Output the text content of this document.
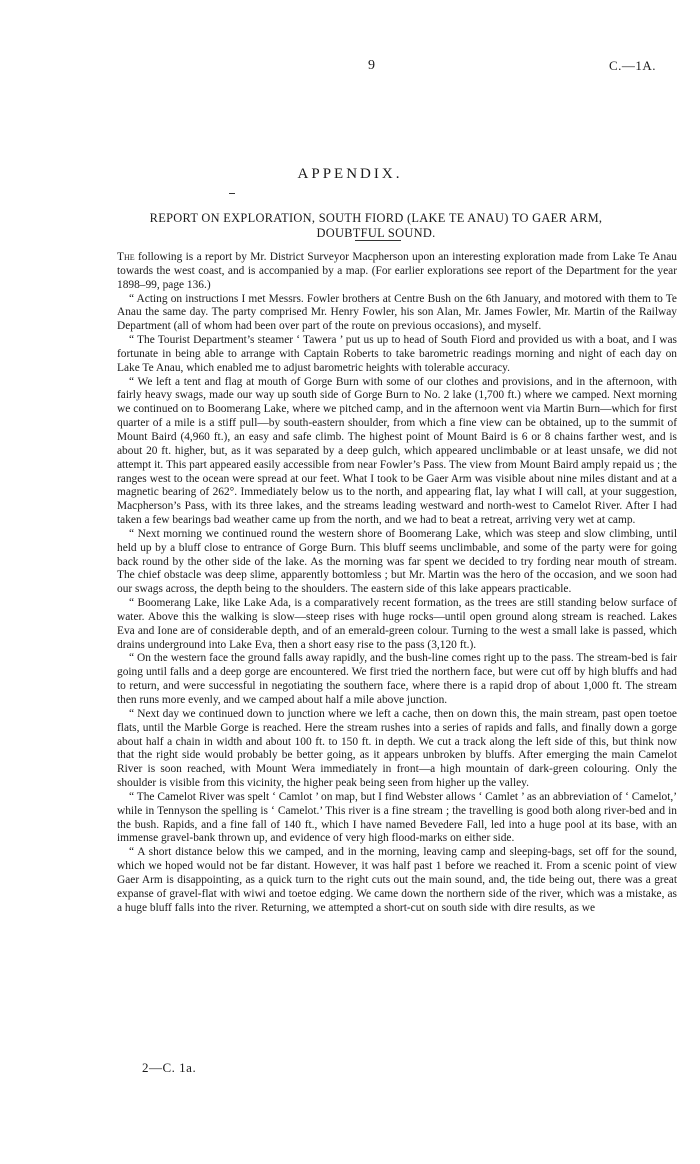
9	C.—1A.
APPENDIX.
REPORT ON EXPLORATION, SOUTH FIORD (LAKE TE ANAU) TO GAER ARM,
DOUBTFUL SOUND.

The following is a report by Mr. District Surveyor Macpherson upon an interesting exploration made from Lake Te Anau towards the west coast, and is accompanied by a map. (For earlier explorations see report of the Department for the year 1898–99, page 136.)

“ Acting on instructions I met Messrs. Fowler brothers at Centre Bush on the 6th January, and motored with them to Te Anau the same day. The party comprised Mr. Henry Fowler, his son Alan, Mr. James Fowler, Mr. Martin of the Railway Department (all of whom had been over part of the route on previous occasions), and myself.

“ The Tourist Department’s steamer ‘ Tawera ’ put us up to head of South Fiord and provided us with a boat, and I was fortunate in being able to arrange with Captain Roberts to take barometric readings morning and night of each day on Lake Te Anau, which enabled me to adjust barometric heights with tolerable accuracy.

“ We left a tent and flag at mouth of Gorge Burn with some of our clothes and provisions, and in the afternoon, with fairly heavy swags, made our way up south side of Gorge Burn to No. 2 lake (1,700 ft.) where we camped. Next morning we continued on to Boomerang Lake, where we pitched camp, and in the afternoon went via Martin Burn—which for first quarter of a mile is a stiff pull—by south-eastern shoulder, from which a fine view can be obtained, up to the summit of Mount Baird (4,960 ft.), an easy and safe climb. The highest point of Mount Baird is 6 or 8 chains farther west, and is about 20 ft. higher, but, as it was separated by a deep gulch, which appeared unclimbable or at least unsafe, we did not attempt it. This part appeared easily accessible from near Fowler’s Pass. The view from Mount Baird amply repaid us ; the ranges west to the ocean were spread at our feet. What I took to be Gaer Arm was visible about nine miles distant and at a magnetic bearing of 262°. Immediately below us to the north, and appearing flat, lay what I will call, at your suggestion, Macpherson’s Pass, with its three lakes, and the streams leading westward and north-west to Camelot River. After I had taken a few bearings bad weather came up from the north, and we had to beat a retreat, arriving very wet at camp.

“ Next morning we continued round the western shore of Boomerang Lake, which was steep and slow climbing, until held up by a bluff close to entrance of Gorge Burn. This bluff seems unclimbable, and some of the party were for going back round by the other side of the lake. As the morning was far spent we decided to try fording near mouth of stream. The chief obstacle was deep slime, apparently bottomless ; but Mr. Martin was the hero of the occasion, and we soon had our swags across, the depth being to the shoulders. The eastern side of this lake appears practicable.

“ Boomerang Lake, like Lake Ada, is a comparatively recent formation, as the trees are still standing below surface of water. Above this the walking is slow—steep rises with huge rocks—until open ground along stream is reached. Lakes Eva and Ione are of considerable depth, and of an emerald-green colour. Turning to the west a small lake is passed, which drains underground into Lake Eva, then a short easy rise to the pass (3,120 ft.).

“ On the western face the ground falls away rapidly, and the bush-line comes right up to the pass. The stream-bed is fair going until falls and a deep gorge are encountered. We first tried the northern face, but were cut off by high bluffs and had to return, and were successful in negotiating the southern face, where there is a rapid drop of about 1,000 ft. The stream then runs more evenly, and we camped about half a mile above junction.

“ Next day we continued down to junction where we left a cache, then on down this, the main stream, past open toetoe flats, until the Marble Gorge is reached. Here the stream rushes into a series of rapids and falls, and finally down a gorge about half a chain in width and about 100 ft. to 150 ft. in depth. We cut a track along the left side of this, but think now that the right side would probably be better going, as it appears unbroken by bluffs. After emerging the main Camelot River is soon reached, with Mount Wera immediately in front—a high mountain of dark-green colouring. Only the shoulder is visible from this vicinity, the higher peak being seen from higher up the valley.

“ The Camelot River was spelt ‘ Camlot ’ on map, but I find Webster allows ‘ Camlet ’ as an abbreviation of ‘ Camelot,’ while in Tennyson the spelling is ‘ Camelot.’ This river is a fine stream ; the travelling is good both along river-bed and in the bush. Rapids, and a fine fall of 140 ft., which I have named Bevedere Fall, led into a huge pool at its base, with an immense gravel-bank thrown up, and evidence of very high flood-marks on either side.

“ A short distance below this we camped, and in the morning, leaving camp and sleeping-bags, set off for the sound, which we hoped would not be far distant. However, it was half past 1 before we reached it. From a scenic point of view Gaer Arm is disappointing, as a quick turn to the right cuts out the main sound, and, the tide being out, there was a great expanse of gravel-flat with wiwi and toetoe edging. We came down the northern side of the river, which was a mistake, as a huge bluff falls into the river. Returning, we attempted a short-cut on south side with dire results, as we

2—C. 1a.
